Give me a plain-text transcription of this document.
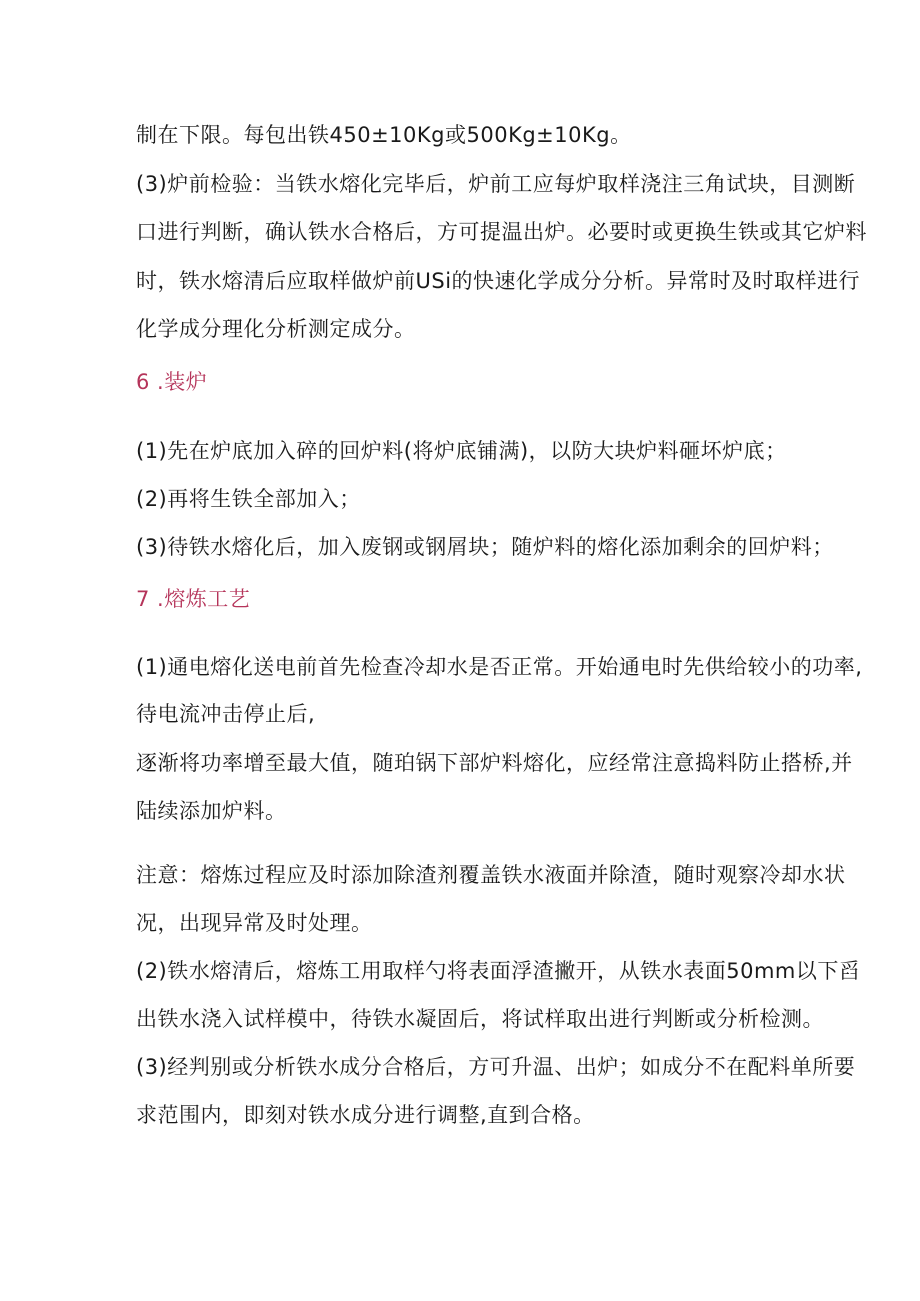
制在下限。每包出铁450±10Kg或500Kg±10Kg。
(3)炉前检验：当铁水熔化完毕后，炉前工应每炉取样浇注三角试块，目测断
口进行判断，确认铁水合格后，方可提温出炉。必要时或更换生铁或其它炉料
时，铁水熔清后应取样做炉前USi的快速化学成分分析。异常时及时取样进行
化学成分理化分析测定成分。
6 .装炉
(1)先在炉底加入碎的回炉料(将炉底铺满)，以防大块炉料砸坏炉底；
(2)再将生铁全部加入；
(3)待铁水熔化后，加入废钢或钢屑块；随炉料的熔化添加剩余的回炉料；
7 .熔炼工艺
(1)通电熔化送电前首先检查冷却水是否正常。开始通电时先供给较小的功率,
待电流冲击停止后,
逐渐将功率增至最大值，随珀锅下部炉料熔化，应经常注意捣料防止搭桥,并
陆续添加炉料。
注意：熔炼过程应及时添加除渣剂覆盖铁水液面并除渣，随时观察冷却水状
况，出现异常及时处理。
(2)铁水熔清后，熔炼工用取样勺将表面浮渣撇开，从铁水表面50mm以下舀
出铁水浇入试样模中，待铁水凝固后，将试样取出进行判断或分析检测。
(3)经判别或分析铁水成分合格后，方可升温、出炉；如成分不在配料单所要
求范围内，即刻对铁水成分进行调整,直到合格。
